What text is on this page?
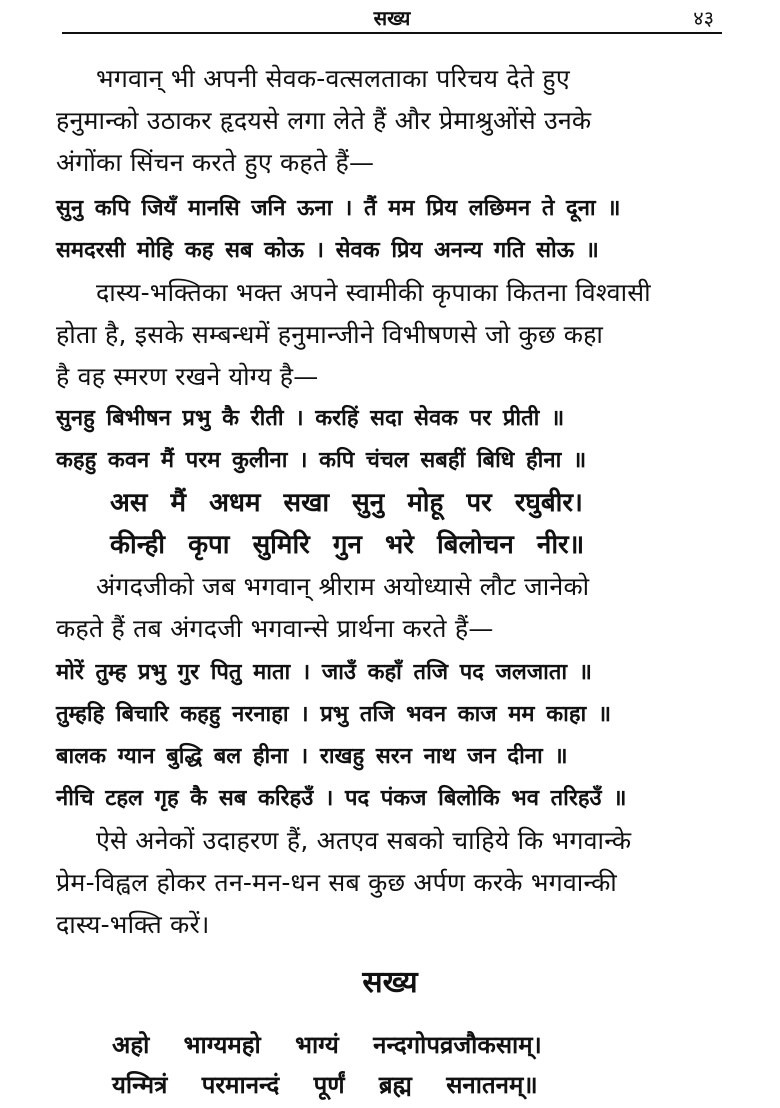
सख्य	४३
भगवान् भी अपनी सेवक-वत्सलताका परिचय देते हुए
हनुमान्को उठाकर हृदयसे लगा लेते हैं और प्रेमाश्रुओंसे उनके
अंगोंका सिंचन करते हुए कहते हैं—
सुनु कपि जियँ मानसि जनि ऊना । तैं मम प्रिय लछिमन ते दूना ॥
समदरसी मोहि कह सब कोऊ । सेवक प्रिय अनन्य गति सोऊ ॥
दास्य-भक्तिका भक्त अपने स्वामीकी कृपाका कितना विश्वासी
होता है, इसके सम्बन्धमें हनुमान्जीने विभीषणसे जो कुछ कहा
है वह स्मरण रखने योग्य है—
सुनहु बिभीषन प्रभु कै रीती । करहिं सदा सेवक पर प्रीती ॥
कहहु कवन मैं परम कुलीना । कपि चंचल सबहीं बिधि हीना ॥
अस मैं अधम सखा सुनु मोहू पर रघुबीर।
कीन्ही कृपा सुमिरि गुन भरे बिलोचन नीर॥
अंगदजीको जब भगवान् श्रीराम अयोध्यासे लौट जानेको
कहते हैं तब अंगदजी भगवान्से प्रार्थना करते हैं—
मोरें तुम्ह प्रभु गुर पितु माता । जाउँ कहाँ तजि पद जलजाता ॥
तुम्हहि बिचारि कहहु नरनाहा । प्रभु तजि भवन काज मम काहा ॥
बालक ग्यान बुद्धि बल हीना । राखहु सरन नाथ जन दीना ॥
नीचि टहल गृह कै सब करिहउँ । पद पंकज बिलोकि भव तरिहउँ ॥
ऐसे अनेकों उदाहरण हैं, अतएव सबको चाहिये कि भगवान्के
प्रेम-विह्वल होकर तन-मन-धन सब कुछ अर्पण करके भगवान्की
दास्य-भक्ति करें।
सख्य
अहो भाग्यमहो भाग्यं नन्दगोपव्रजौकसाम्।
यन्मित्रं परमानन्दं पूर्णं ब्रह्म सनातनम्॥
